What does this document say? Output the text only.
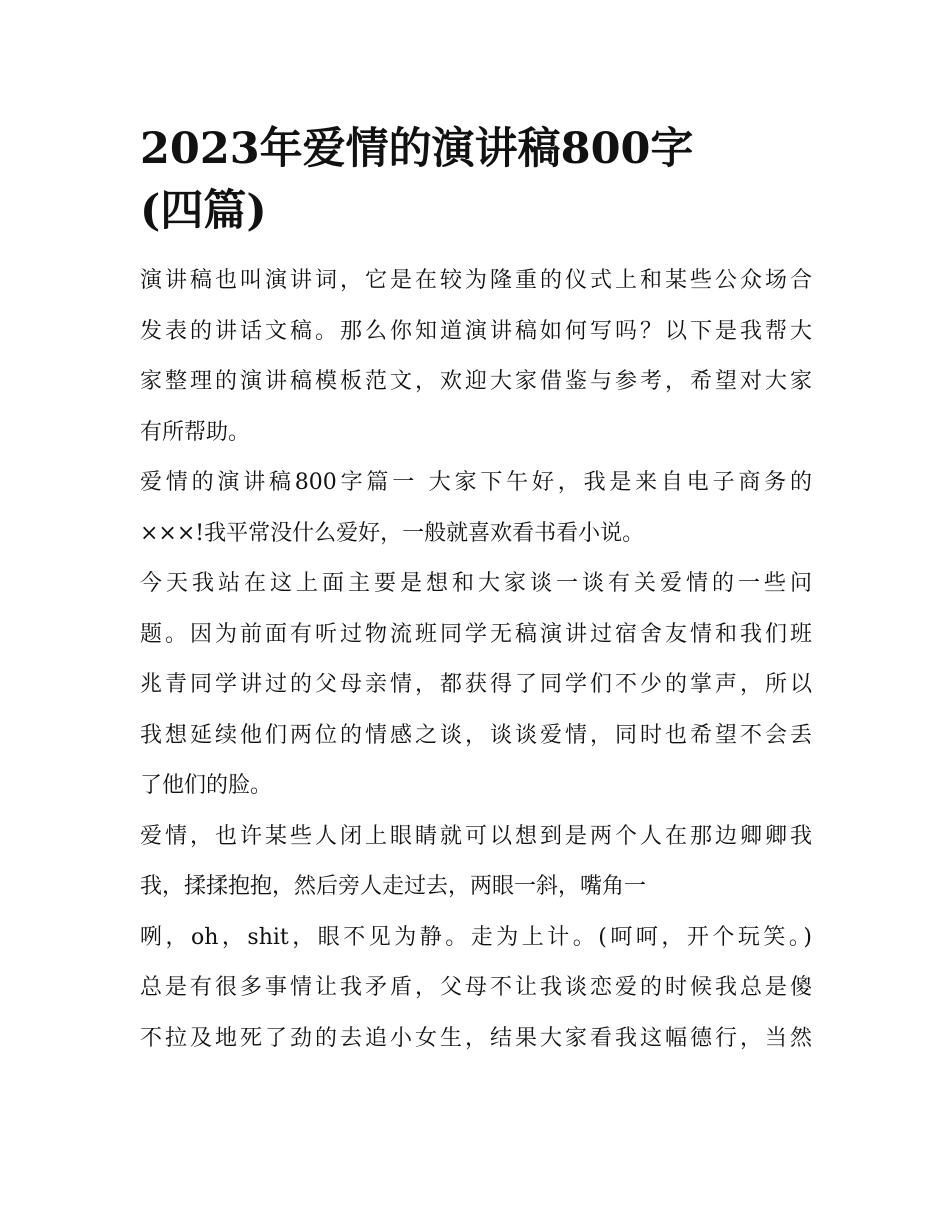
2023年爱情的演讲稿800字
(四篇)
演讲稿也叫演讲词，它是在较为隆重的仪式上和某些公众场合
发表的讲话文稿。那么你知道演讲稿如何写吗？以下是我帮大
家整理的演讲稿模板范文，欢迎大家借鉴与参考，希望对大家
有所帮助。
爱情的演讲稿800字篇一 大家下午好，我是来自电子商务的
×××!我平常没什么爱好，一般就喜欢看书看小说。
今天我站在这上面主要是想和大家谈一谈有关爱情的一些问
题。因为前面有听过物流班同学无稿演讲过宿舍友情和我们班
兆青同学讲过的父母亲情，都获得了同学们不少的掌声，所以
我想延续他们两位的情感之谈，谈谈爱情，同时也希望不会丢
了他们的脸。
爱情，也许某些人闭上眼睛就可以想到是两个人在那边卿卿我
我，揉揉抱抱，然后旁人走过去，两眼一斜，嘴角一
咧，oh，shit，眼不见为静。走为上计。(呵呵，开个玩笑。)
总是有很多事情让我矛盾，父母不让我谈恋爱的时候我总是傻
不拉及地死了劲的去追小女生，结果大家看我这幅德行，当然
